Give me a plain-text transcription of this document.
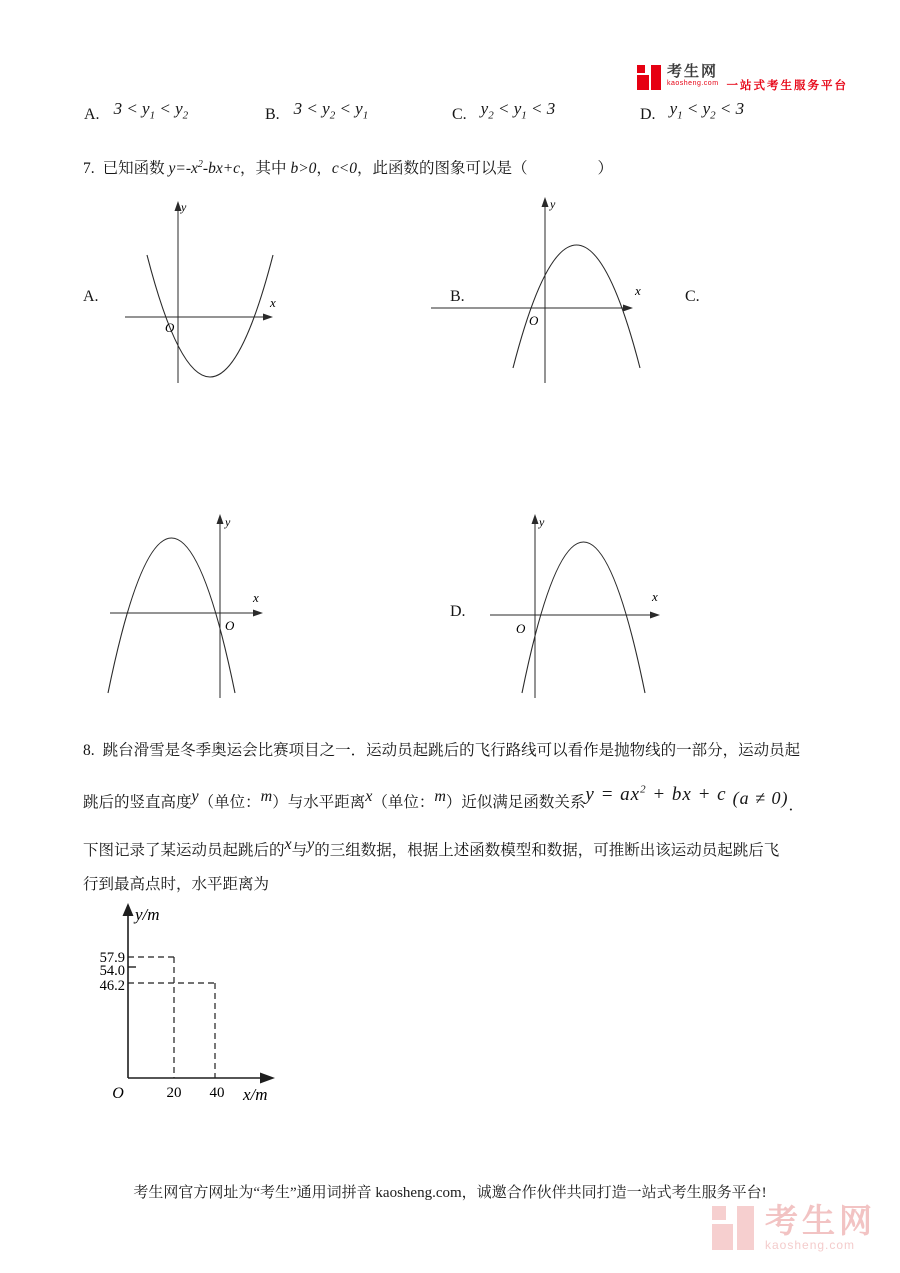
考生网
kaosheng.com 一站式考生服务平台
A. $3 < y_1 < y_2$	B. $3 < y_2 < y_1$	C. $y_2 < y_1 < 3$	D. $y_1 < y_2 < 3$
7. 已知函数 $y=-x^2-bx+c$，其中 b>0，c<0，此函数的图象可以是（	）
A.
y
x
O
B.
y
x
O
C.
y
x
O
D.
y
x
O
8. 跳台滑雪是冬季奥运会比赛项目之一．运动员起跳后的飞行路线可以看作是抛物线的一部分，运动员起
跳后的竖直高度y（单位：m）与水平距离x（单位：m）近似满足函数关系$y = ax^2$ + bx + c (a ≠ 0)．
下图记录了某运动员起跳后的x与y的三组数据，根据上述函数模型和数据，可推断出该运动员起跳后飞
行到最高点时，水平距离为
y/m
57.9
54.0
46.2
O	20 40 x/m
考生网官方网址为“考生”通用词拼音 kaosheng.com，诚邀合作伙伴共同打造一站式考生服务平台!
考生网
kaosheng.com
